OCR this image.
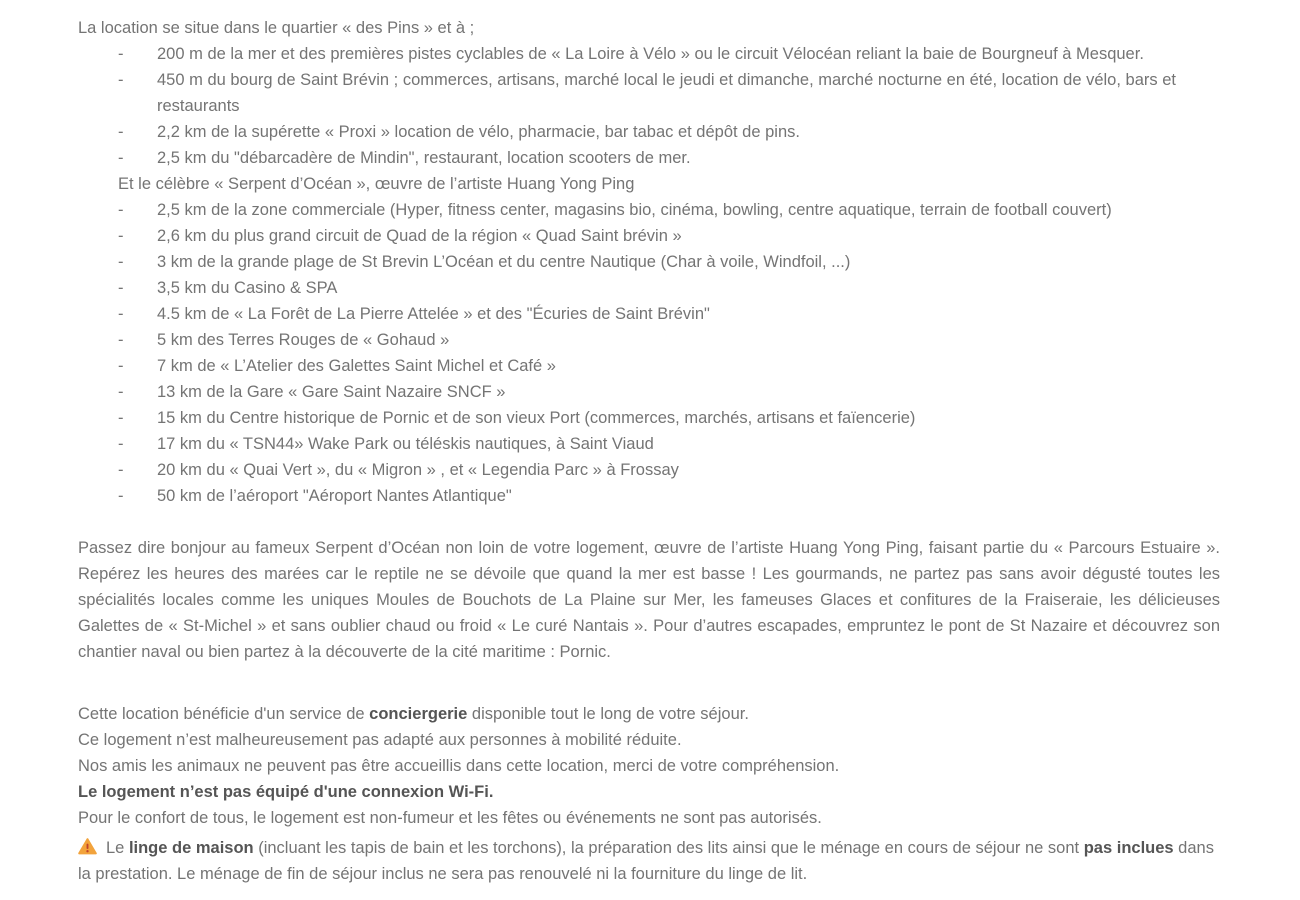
La location se situe dans le quartier « des Pins » et à ;
-	200 m de la mer et des premières pistes cyclables de « La Loire à Vélo » ou le circuit Vélocéan reliant la baie de Bourgneuf à Mesquer.
-	450 m du bourg de Saint Brévin ; commerces, artisans, marché local le jeudi et dimanche, marché nocturne en été, location de vélo, bars et restaurants
-	2,2 km de la supérette « Proxi » location de vélo, pharmacie, bar tabac et dépôt de pins.
-	2,5 km du "débarcadère de Mindin", restaurant, location scooters de mer.
Et le célèbre « Serpent d’Océan », œuvre de l’artiste Huang Yong Ping
-	2,5 km de la zone commerciale (Hyper, fitness center, magasins bio, cinéma, bowling, centre aquatique, terrain de football couvert)
-	2,6 km du plus grand circuit de Quad de la région « Quad Saint brévin »
-	3 km de la grande plage de St Brevin L’Océan et du centre Nautique (Char à voile, Windfoil, ...)
-	3,5 km du Casino & SPA
-	4.5 km de « La Forêt de La Pierre Attelée » et des "Écuries de Saint Brévin"
-	5 km des Terres Rouges de « Gohaud »
-	7 km de « L’Atelier des Galettes Saint Michel et Café »
-	13 km de la Gare « Gare Saint Nazaire SNCF »
-	15 km du Centre historique de Pornic et de son vieux Port (commerces, marchés, artisans et faïencerie)
-	17 km du « TSN44» Wake Park ou téléskis nautiques, à Saint Viaud
-	20 km du « Quai Vert », du « Migron » , et « Legendia Parc » à Frossay
-	50 km de l’aéroport "Aéroport Nantes Atlantique"
Passez dire bonjour au fameux Serpent d’Océan non loin de votre logement, œuvre de l’artiste Huang Yong Ping, faisant partie du « Parcours Estuaire ». Repérez les heures des marées car le reptile ne se dévoile que quand la mer est basse ! Les gourmands, ne partez pas sans avoir dégusté toutes les spécialités locales comme les uniques Moules de Bouchots de La Plaine sur Mer, les fameuses Glaces et confitures de la Fraiseraie, les délicieuses Galettes de « St-Michel » et sans oublier chaud ou froid « Le curé Nantais ». Pour d’autres escapades, empruntez le pont de St Nazaire et découvrez son chantier naval ou bien partez à la découverte de la cité maritime : Pornic.
Cette location bénéficie d'un service de conciergerie disponible tout le long de votre séjour.
Ce logement n’est malheureusement pas adapté aux personnes à mobilité réduite.
Nos amis les animaux ne peuvent pas être accueillis dans cette location, merci de votre compréhension.
Le logement n’est pas équipé d'une connexion Wi-Fi.
Pour le confort de tous, le logement est non-fumeur et les fêtes ou événements ne sont pas autorisés.
Le linge de maison (incluant les tapis de bain et les torchons), la préparation des lits ainsi que le ménage en cours de séjour ne sont pas inclues dans la prestation. Le ménage de fin de séjour inclus ne sera pas renouvelé ni la fourniture du linge de lit.
